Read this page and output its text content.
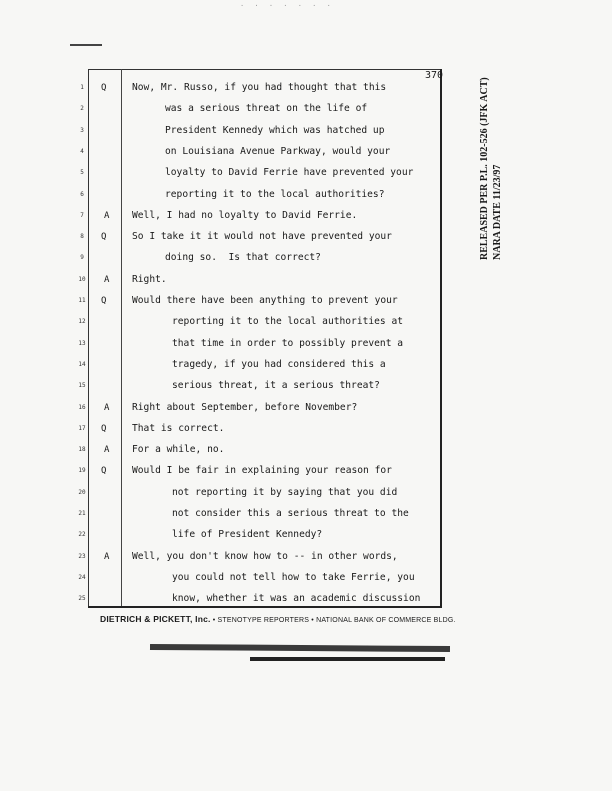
· · · · · · ·
370
1	Q	Now, Mr. Russo, if you had thought that this
2	was a serious threat on the life of
3	President Kennedy which was hatched up
4	on Louisiana Avenue Parkway, would your
5	loyalty to David Ferrie have prevented your
6	reporting it to the local authorities?
7	A Well, I had no loyalty to David Ferrie.
8	Q	So I take it it would not have prevented your
9	doing so.  Is that correct?
10	A Right.
11	Q	Would there have been anything to prevent your
12	reporting it to the local authorities at
13	that time in order to possibly prevent a
14	tragedy, if you had considered this a
15	serious threat, it a serious threat?
16	A Right about September, before November?
17	Q	That is correct.
18	A For a while, no.
19	Q	Would I be fair in explaining your reason for
20	not reporting it by saying that you did
21	not consider this a serious threat to the
22	life of President Kennedy?
23	A Well, you don't know how to -- in other words,
24	you could not tell how to take Ferrie, you
25	know, whether it was an academic discussion
DIETRICH & PICKETT, Inc. • STENOTYPE REPORTERS • NATIONAL BANK OF COMMERCE BLDG.
RELEASED PER P.L. 102-526 (JFK ACT) NARA DATE 11/23/97
